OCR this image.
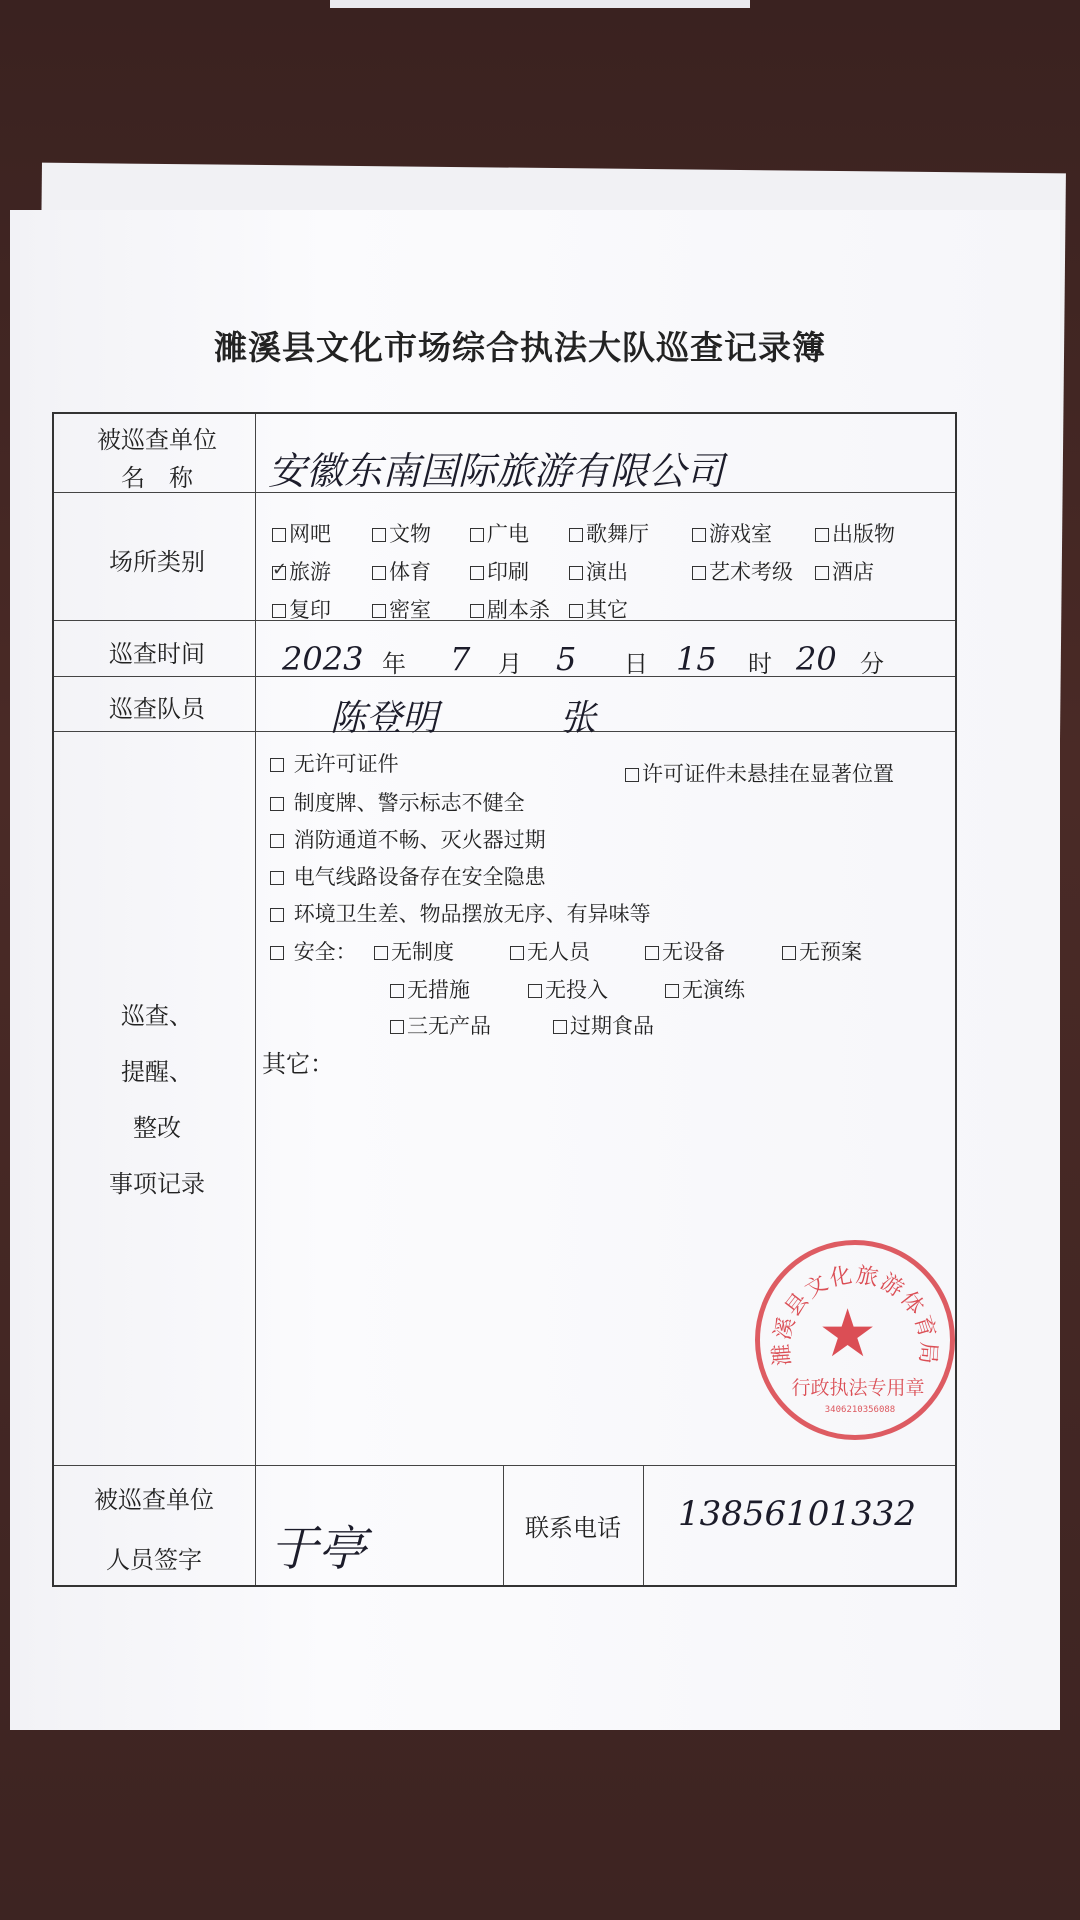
濉溪县文化市场综合执法大队巡查记录簿
被巡查单位
名　称	安徽东南国际旅游有限公司
场所类别
网吧	文物	广电	歌舞厅	游戏室	出版物
✓旅游	体育	印刷	演出	艺术考级	酒店
复印	密室	剧本杀	其它
巡查时间	2023 年 7 月 5 日 15 时 20 分
巡查队员	陈登明	张
巡查、
提醒、
整改
事项记录
无许可证件	许可证件未悬挂在显著位置
制度牌、警示标志不健全
消防通道不畅、灭火器过期
电气线路设备存在安全隐患
环境卫生差、物品摆放无序、有异味等
安全：	无制度	无人员	无设备	无预案
无措施	无投入	无演练
三无产品	过期食品
其它：
被巡查单位
人员签字	于亭	联系电话	13856101332
濉溪县文化旅游体育局
★
行政执法专用章
3406210356088
